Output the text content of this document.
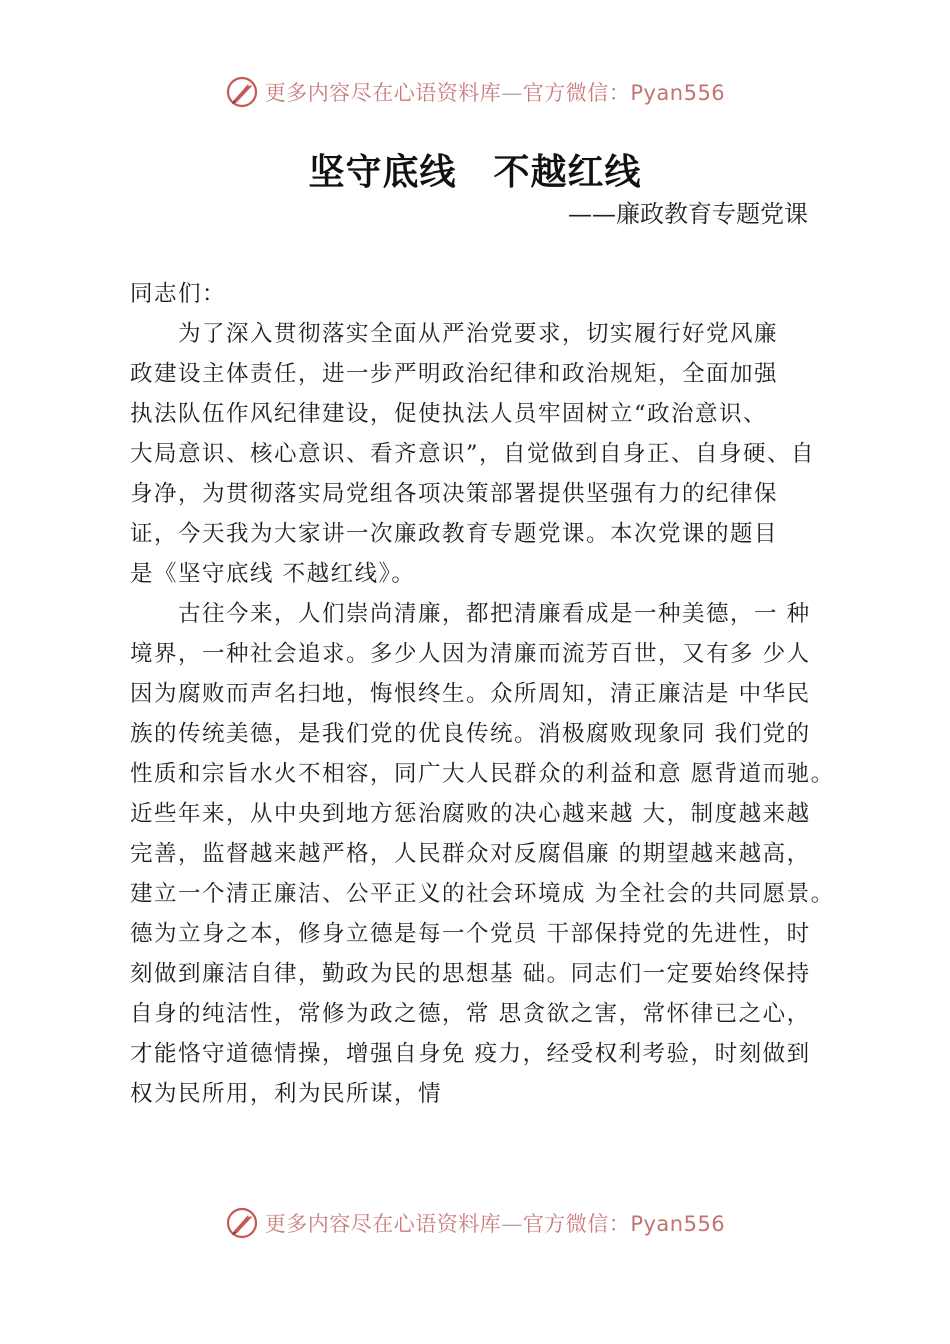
更多内容尽在心语资料库—官方微信：Pyan556
坚守底线　不越红线
——廉政教育专题党课
同志们：
为了深入贯彻落实全面从严治党要求，切实履行好党风廉
政建设主体责任，进一步严明政治纪律和政治规矩，全面加强
执法队伍作风纪律建设，促使执法人员牢固树立“政治意识、
大局意识、核心意识、看齐意识”，自觉做到自身正、自身硬、自
身净，为贯彻落实局党组各项决策部署提供坚强有力的纪律保
证，今天我为大家讲一次廉政教育专题党课。本次党课的题目
是《坚守底线 不越红线》。
古往今来，人们崇尚清廉，都把清廉看成是一种美德，一 种
境界，一种社会追求。多少人因为清廉而流芳百世，又有多 少人
因为腐败而声名扫地，悔恨终生。众所周知，清正廉洁是 中华民
族的传统美德，是我们党的优良传统。消极腐败现象同 我们党的
性质和宗旨水火不相容，同广大人民群众的利益和意 愿背道而驰。
近些年来，从中央到地方惩治腐败的决心越来越 大，制度越来越
完善，监督越来越严格，人民群众对反腐倡廉 的期望越来越高，
建立一个清正廉洁、公平正义的社会环境成 为全社会的共同愿景。
德为立身之本，修身立德是每一个党员 干部保持党的先进性，时
刻做到廉洁自律，勤政为民的思想基 础。同志们一定要始终保持
自身的纯洁性，常修为政之德，常 思贪欲之害，常怀律已之心，
才能恪守道德情操，增强自身免 疫力，经受权利考验，时刻做到
权为民所用，利为民所谋，情
更多内容尽在心语资料库—官方微信：Pyan556
